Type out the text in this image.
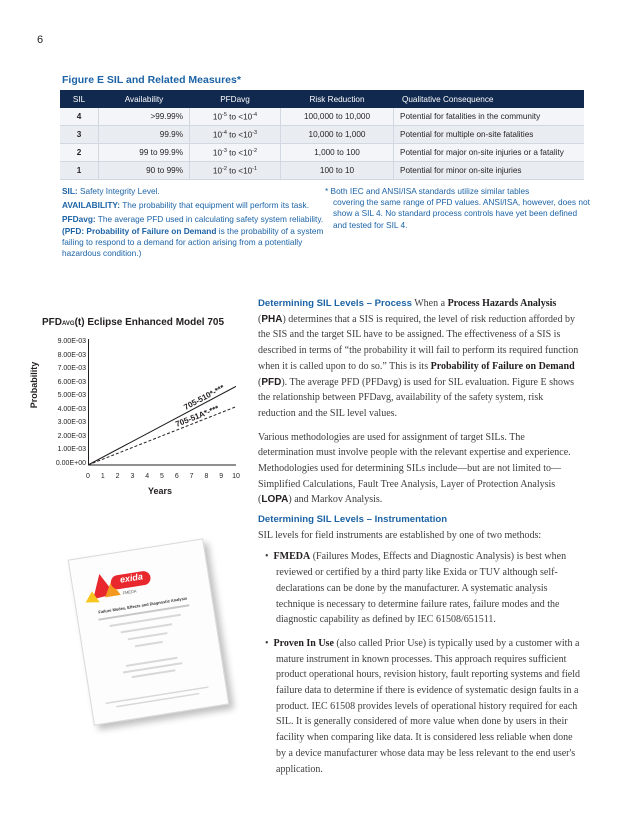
6
Figure E SIL and Related Measures*
SIL	Availability	PFDavg	Risk Reduction	Qualitative Consequence
4	>99.99%	$10^{-5}$ to $<10^{-4}$	100,000 to 10,000	Potential for fatalities in the community
3	99.9%	$10^{-4}$ to $<10^{-3}$	10,000 to 1,000	Potential for multiple on-site fatalities
2	99 to 99.9%	$10^{-3}$ to $<10^{-2}$	1,000 to 100	Potential for major on-site injuries or a fatality
1	90 to 99%	$10^{-2}$ to $<10^{-1}$	100 to 10	Potential for minor on-site injuries

SIL: Safety Integrity Level.

AVAILABILITY: The probability that equipment will perform its task.

PFDavg: The average PFD used in calculating safety system reliability. (PFD: Probability of Failure on Demand is the probability of a system failing to respond to a demand for action arising from a potentially hazardous condition.)

* Both IEC and ANSI/ISA standards utilize similar tables
covering the same range of PFD values. ANSI/ISA, however, does not show a SIL 4. No standard process controls have yet been defined and tested for SIL 4.
PFDAVG(t) Eclipse Enhanced Model 705
Probability
Years
0.00E+00
1.00E-03
2.00E-03
3.00E-03
4.00E-03
5.00E-03
6.00E-03
7.00E-03
8.00E-03
9.00E-03
0	1	2	3	4	5	6	7	8	9	10
705-510*-***
705-51A*-***

Determining SIL Levels – Process When a Process Hazards Analysis (PHA) determines that a SIS is required, the level of risk reduction afforded by the SIS and the target SIL have to be assigned. The effectiveness of a SIS is described in terms of “the probability it will fail to perform its required function when it is called upon to do so.” This is its Probability of Failure on Demand (PFD). The average PFD (PFDavg) is used for SIL evaluation. Figure E shows the relationship between PFDavg, availability of the safety system, risk reduction and the SIL level values.

Various methodologies are used for assignment of target SILs. The determination must involve people with the relevant expertise and experience. Methodologies used for determining SILs include—but are not limited to—Simplified Calculations, Fault Tree Analysis, Layer of Protection Analysis (LOPA) and Markov Analysis.

Determining SIL Levels – Instrumentation

SIL levels for field instruments are established by one of two methods:

•  FMEDA (Failures Modes, Effects and Diagnostic Analysis) is best when reviewed or certified by a third party like Exida or TUV although self-declarations can be done by the manufacturer. A systematic analysis technique is necessary to determine failure rates, failure modes and the diagnostic capability as defined by IEC 61508/651511.

•  Proven In Use (also called Prior Use) is typically used by a customer with a mature instrument in known processes. This approach requires sufficient product operational hours, revision history, fault reporting systems and field failure data to determine if there is evidence of systematic design faults in a product. IEC 61508 provides levels of operational history required for each SIL. It is generally considered of more value when done by users in their facility when comparing like data. It is considered less reliable when done by a device manufacturer whose data may be less relevant to the end user's application.

exida
FMEDA
Failure Modes, Effects and Diagnostic Analysis
